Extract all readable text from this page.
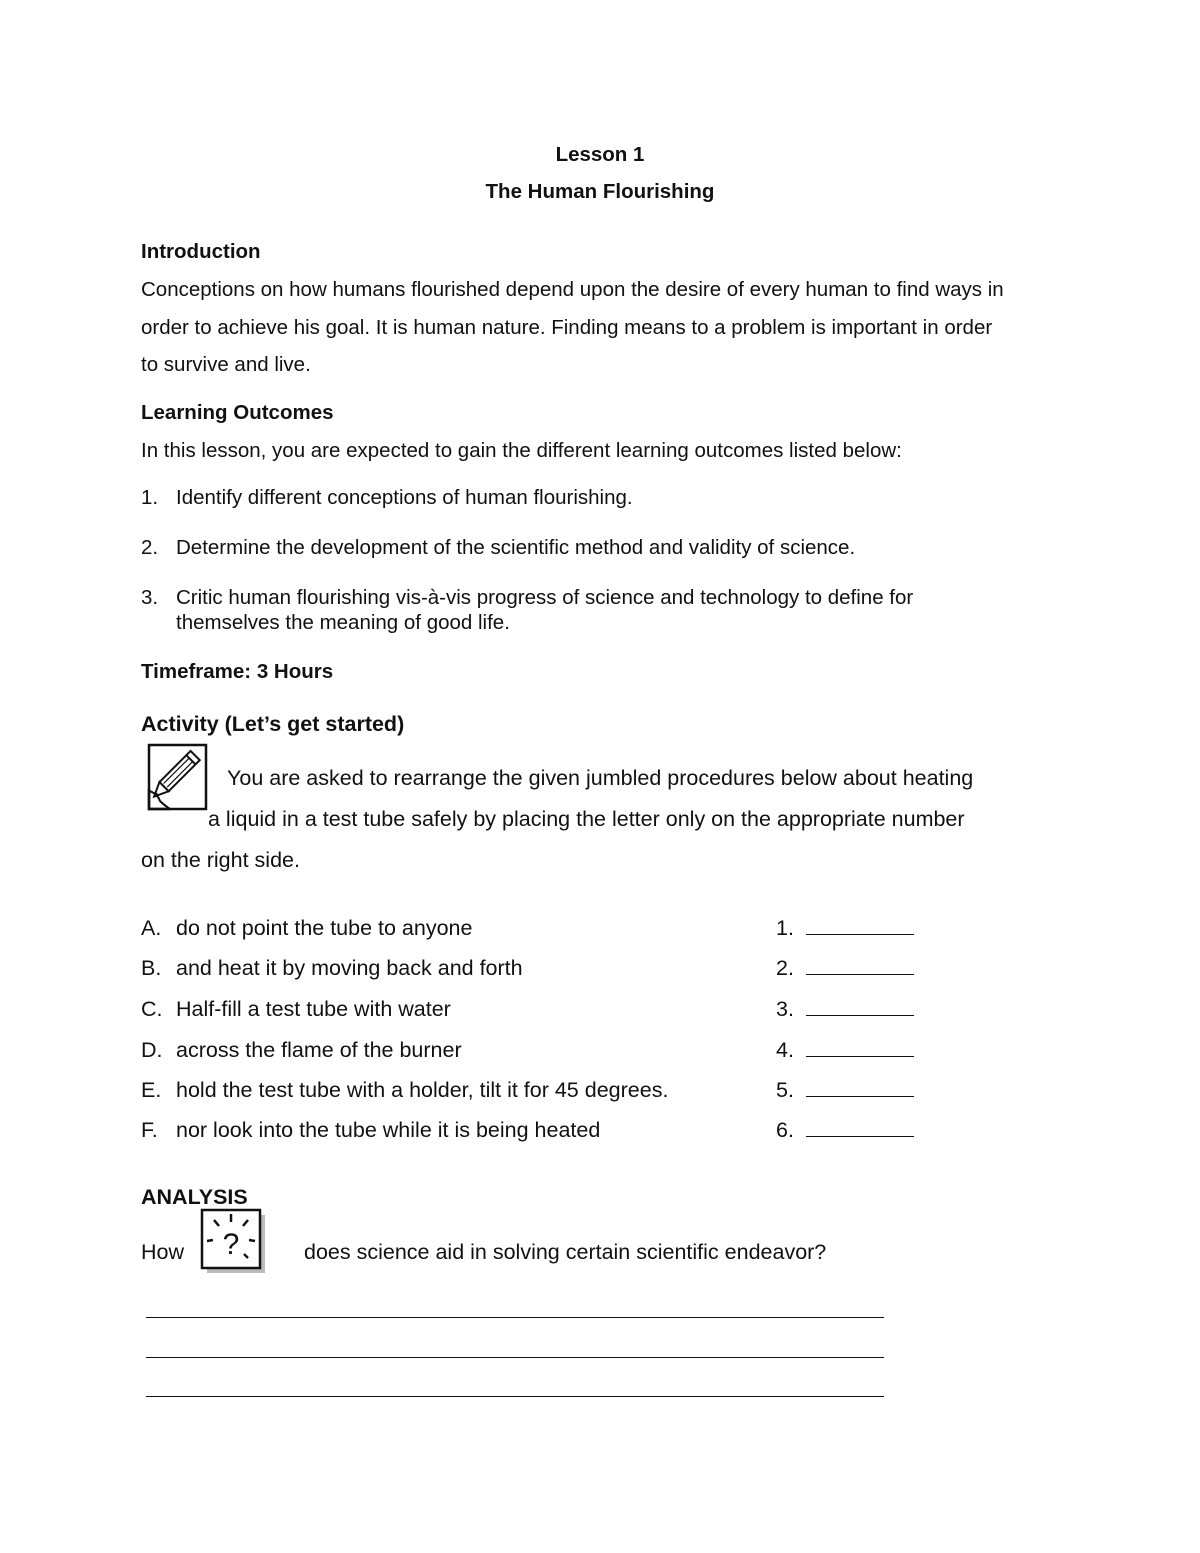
Lesson 1
The Human Flourishing
Introduction
Conceptions on how humans flourished depend upon the desire of every human to find ways in
order to achieve his goal. It is human nature. Finding means to a problem is important in order
to survive and live.
Learning Outcomes
In this lesson, you are expected to gain the different learning outcomes listed below:
1. Identify different conceptions of human flourishing.
2. Determine the development of the scientific method and validity of science.
3. Critic human flourishing vis-à-vis progress of science and technology to define for
themselves the meaning of good life.
Timeframe: 3 Hours
Activity (Let’s get started)
You are asked to rearrange the given jumbled procedures below about heating
a liquid in a test tube safely by placing the letter only on the appropriate number
on the right side.
A. do not point the tube to anyone	1.
B. and heat it by moving back and forth	2.
C. Half-fill a test tube with water	3.
D. across the flame of the burner	4.
E. hold the test tube with a holder, tilt it for 45 degrees.	5.
F. nor look into the tube while it is being heated	6.
ANALYSIS
How ?	does science aid in solving certain scientific endeavor?
